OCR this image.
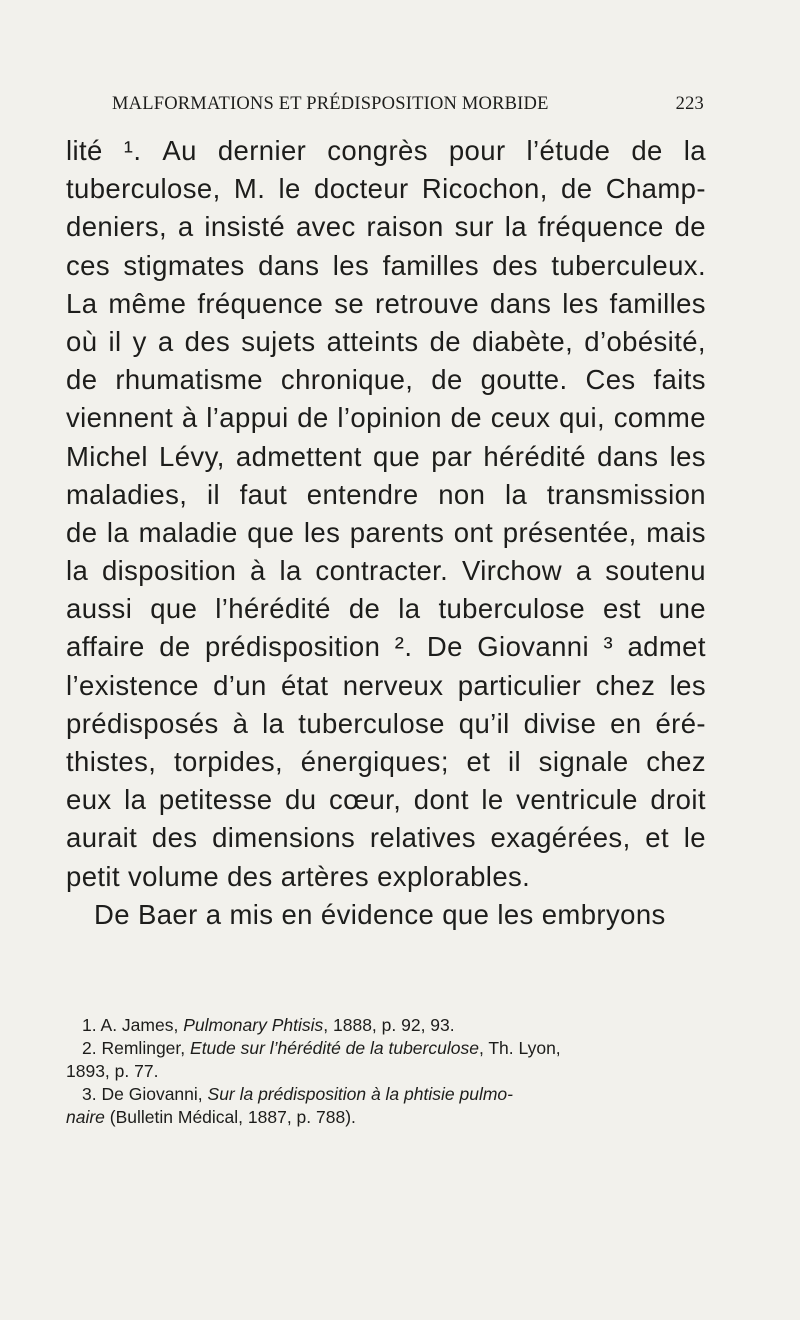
MALFORMATIONS ET PRÉDISPOSITION MORBIDE	223
lité ¹. Au dernier congrès pour l’étude de la
tuberculose, M. le docteur Ricochon, de Champ-
deniers, a insisté avec raison sur la fréquence de
ces stigmates dans les familles des tuberculeux.
La même fréquence se retrouve dans les familles
où il y a des sujets atteints de diabète, d’obésité,
de rhumatisme chronique, de goutte. Ces faits
viennent à l’appui de l’opinion de ceux qui, comme
Michel Lévy, admettent que par hérédité dans les
maladies, il faut entendre non la transmission
de la maladie que les parents ont présentée, mais
la disposition à la contracter. Virchow a soutenu
aussi que l’hérédité de la tuberculose est une
affaire de prédisposition ². De Giovanni ³ admet
l’existence d’un état nerveux particulier chez les
prédisposés à la tuberculose qu’il divise en éré-
thistes, torpides, énergiques; et il signale chez
eux la petitesse du cœur, dont le ventricule droit
aurait des dimensions relatives exagérées, et le
petit volume des artères explorables.
De Baer a mis en évidence que les embryons
1. A. James, Pulmonary Phtisis, 1888, p. 92, 93.
2. Remlinger, Etude sur l’hérédité de la tuberculose, Th. Lyon,
1893, p. 77.
3. De Giovanni, Sur la prédisposition à la phtisie pulmo-
naire (Bulletin Médical, 1887, p. 788).
